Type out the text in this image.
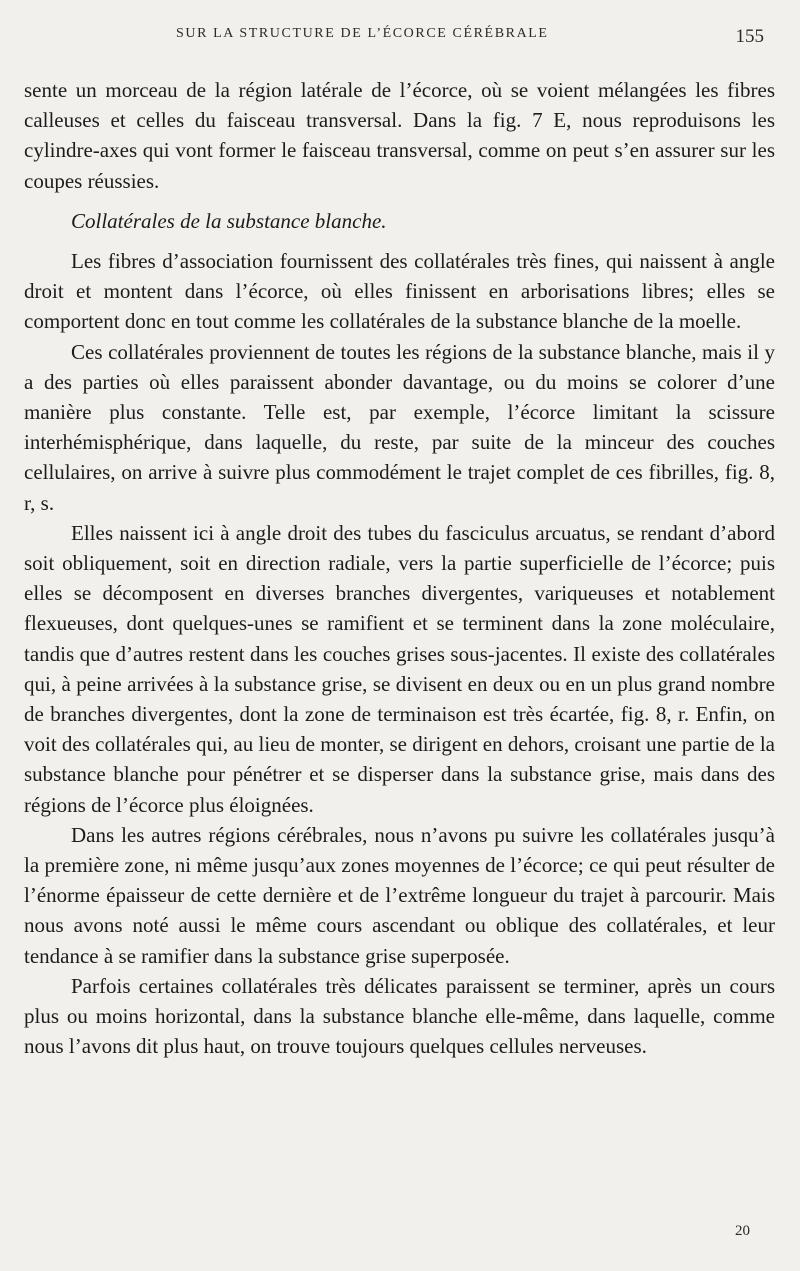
SUR LA STRUCTURE DE L’ÉCORCE CÉRÉBRALE	155

sente un morceau de la région latérale de l’écorce, où se voient mélangées les fibres calleuses et celles du faisceau transversal. Dans la fig. 7 E, nous reproduisons les cylindre-axes qui vont former le faisceau transversal, comme on peut s’en assurer sur les coupes réussies.

Collatérales de la substance blanche.

Les fibres d’association fournissent des collatérales très fines, qui naissent à angle droit et montent dans l’écorce, où elles finissent en arborisations libres; elles se comportent donc en tout comme les collatérales de la substance blanche de la moelle.

Ces collatérales proviennent de toutes les régions de la substance blanche, mais il y a des parties où elles paraissent abonder davantage, ou du moins se colorer d’une manière plus constante. Telle est, par exemple, l’écorce limitant la scissure interhémisphérique, dans laquelle, du reste, par suite de la minceur des couches cellulaires, on arrive à suivre plus commodément le trajet complet de ces fibrilles, fig. 8, r, s.

Elles naissent ici à angle droit des tubes du fasciculus arcuatus, se rendant d’abord soit obliquement, soit en direction radiale, vers la partie superficielle de l’écorce; puis elles se décomposent en diverses branches divergentes, variqueuses et notablement flexueuses, dont quelques-unes se ramifient et se terminent dans la zone moléculaire, tandis que d’autres restent dans les couches grises sous-jacentes. Il existe des collatérales qui, à peine arrivées à la substance grise, se divisent en deux ou en un plus grand nombre de branches divergentes, dont la zone de terminaison est très écartée, fig. 8, r. Enfin, on voit des collatérales qui, au lieu de monter, se dirigent en dehors, croisant une partie de la substance blanche pour pénétrer et se disperser dans la substance grise, mais dans des régions de l’écorce plus éloignées.

Dans les autres régions cérébrales, nous n’avons pu suivre les collatérales jusqu’à la première zone, ni même jusqu’aux zones moyennes de l’écorce; ce qui peut résulter de l’énorme épaisseur de cette dernière et de l’extrême longueur du trajet à parcourir. Mais nous avons noté aussi le même cours ascendant ou oblique des collatérales, et leur tendance à se ramifier dans la substance grise superposée.

Parfois certaines collatérales très délicates paraissent se terminer, après un cours plus ou moins horizontal, dans la substance blanche elle-même, dans laquelle, comme nous l’avons dit plus haut, on trouve toujours quelques cellules nerveuses.

20
